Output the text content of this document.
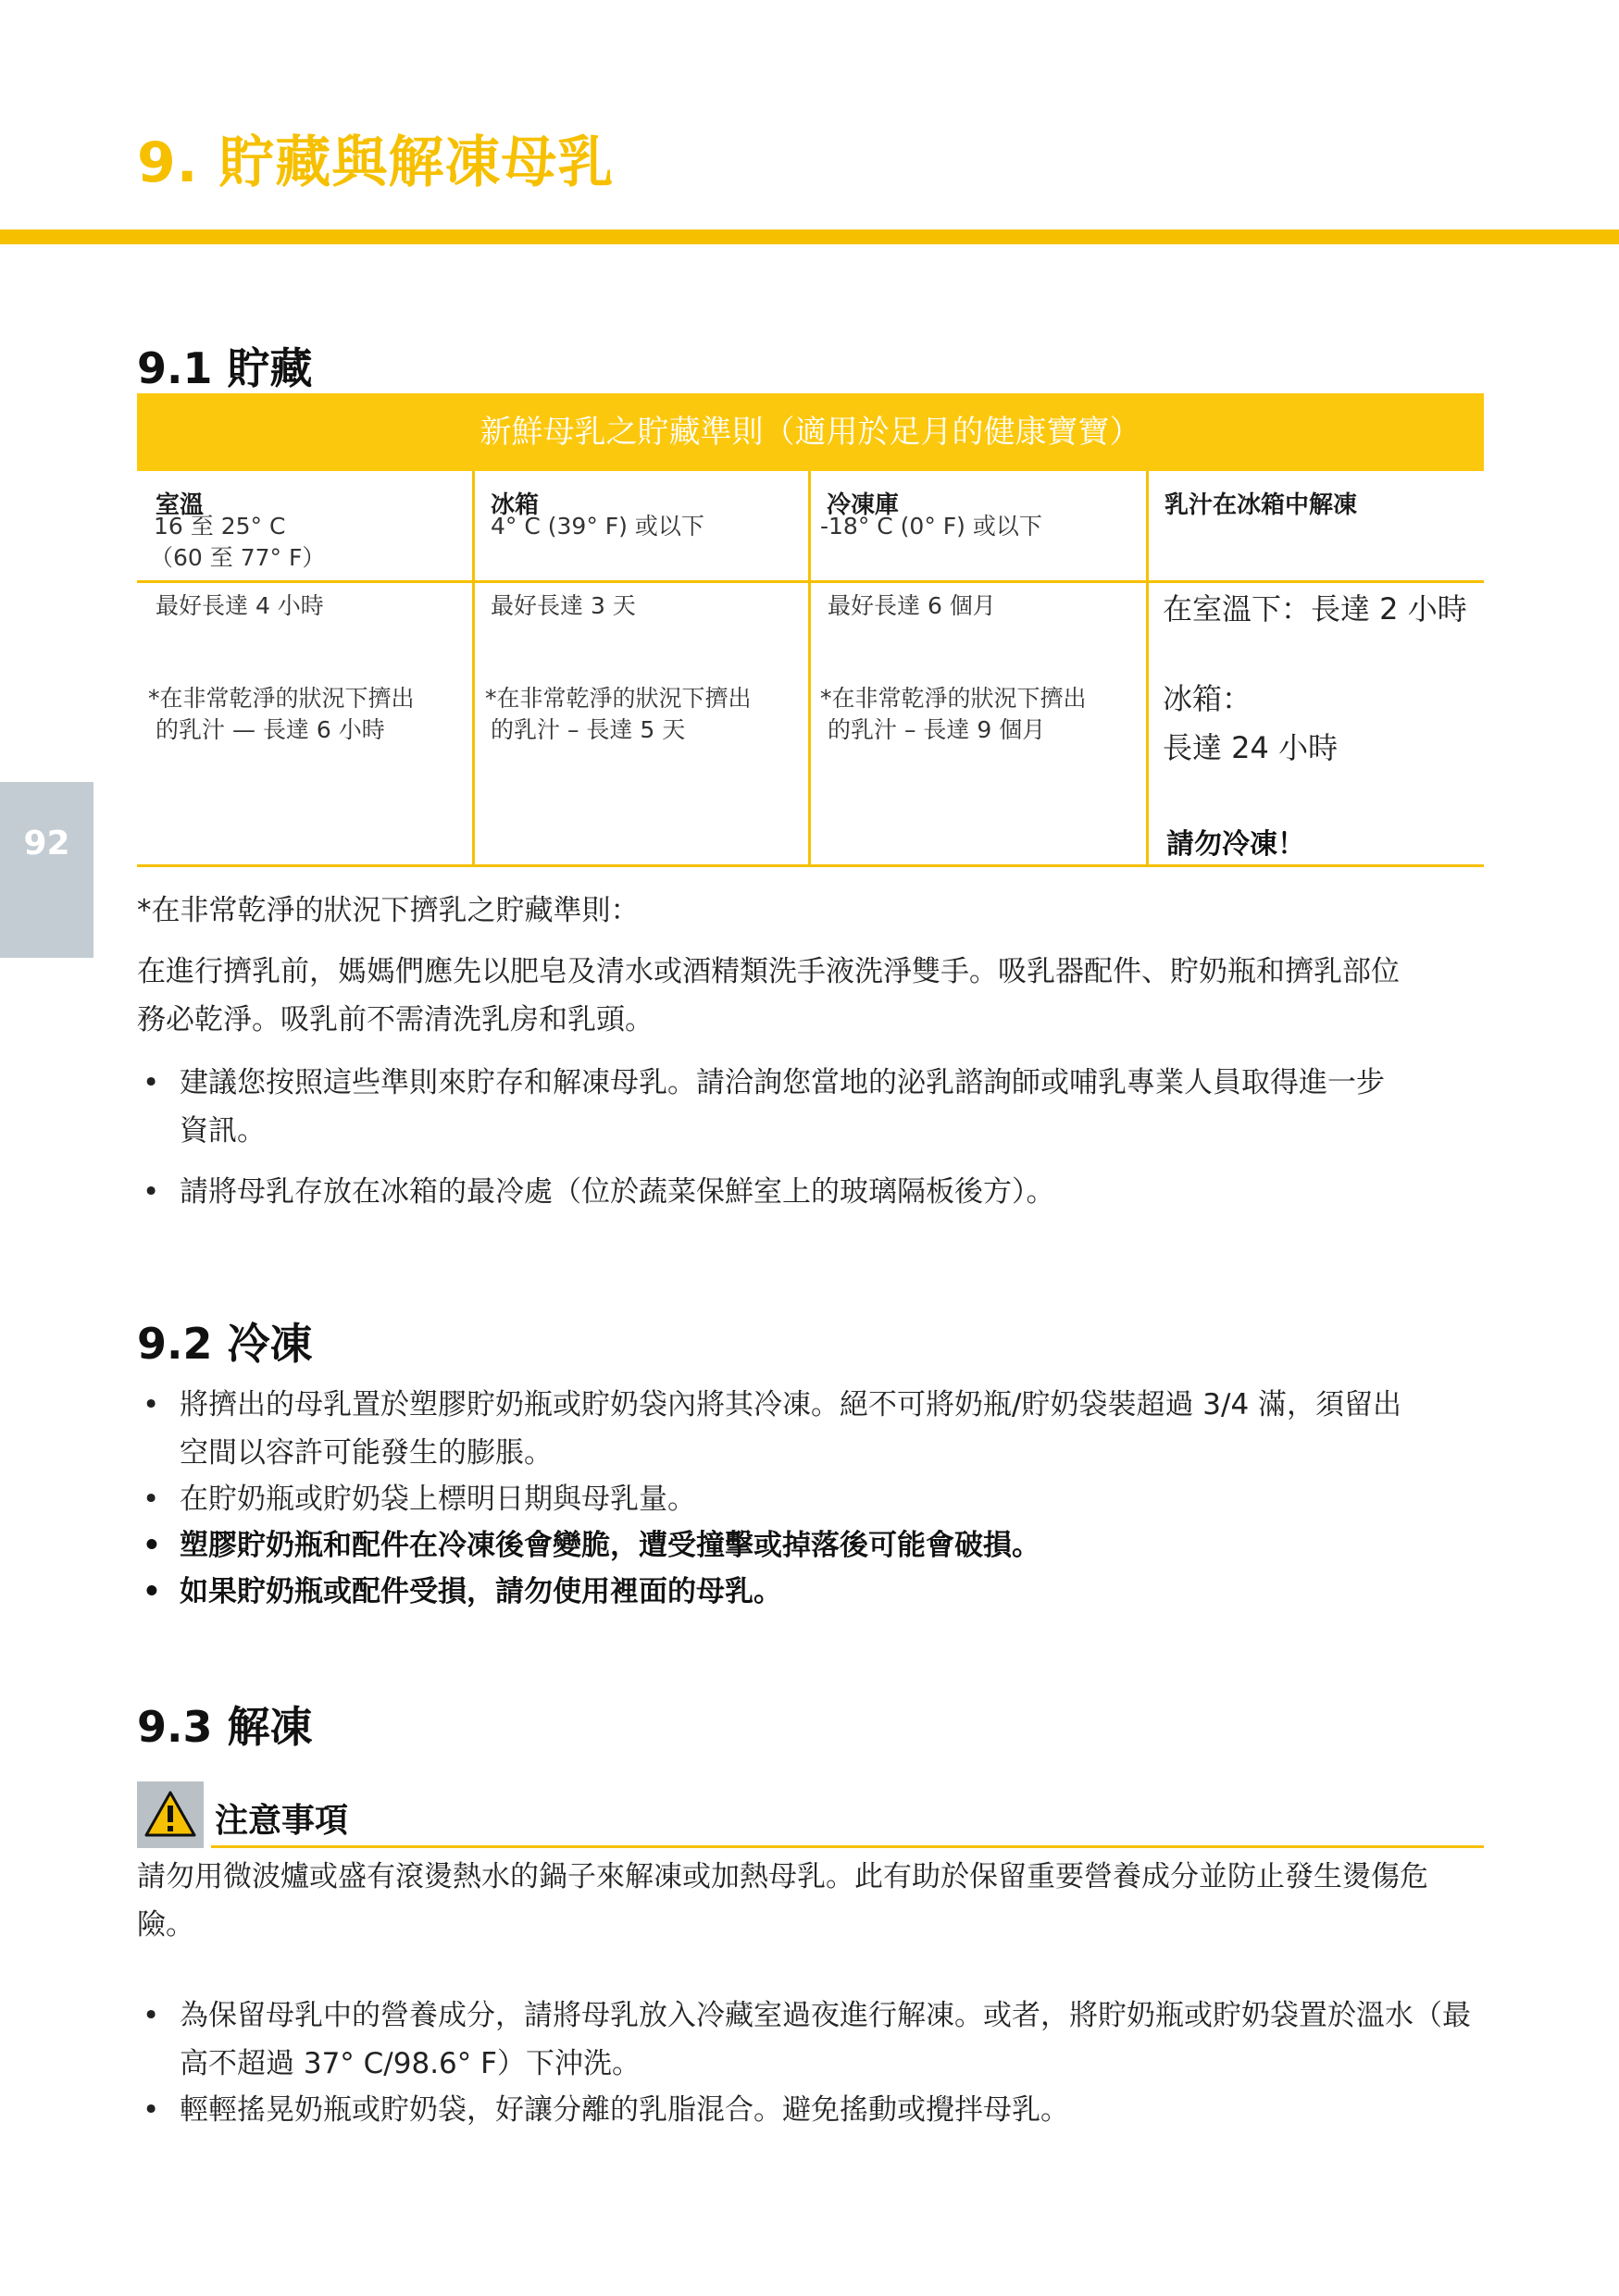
9. 貯藏與解凍母乳
92
9.1 貯藏
新鮮母乳之貯藏準則（適用於足月的健康寶寶）
室溫
16 至 25° C
（60 至 77° F）
最好長達 4 小時
*在非常乾淨的狀況下擠出
的乳汁 — 長達 6 小時
冰箱
4° C (39° F) 或以下
最好長達 3 天
*在非常乾淨的狀況下擠出
的乳汁 – 長達 5 天
冷凍庫
-18° C (0° F) 或以下
最好長達 6 個月
*在非常乾淨的狀況下擠出
的乳汁 – 長達 9 個月
乳汁在冰箱中解凍
在室溫下：長達 2 小時
冰箱：
長達 24 小時
請勿冷凍！
*在非常乾淨的狀況下擠乳之貯藏準則：
在進行擠乳前，媽媽們應先以肥皂及清水或酒精類洗手液洗淨雙手。吸乳器配件、貯奶瓶和擠乳部位
務必乾淨。吸乳前不需清洗乳房和乳頭。
• 建議您按照這些準則來貯存和解凍母乳。請洽詢您當地的泌乳諮詢師或哺乳專業人員取得進一步
資訊。
• 請將母乳存放在冰箱的最冷處（位於蔬菜保鮮室上的玻璃隔板後方）。
9.2 冷凍
• 將擠出的母乳置於塑膠貯奶瓶或貯奶袋內將其冷凍。絕不可將奶瓶/貯奶袋裝超過 3/4 滿，須留出
空間以容許可能發生的膨脹。
• 在貯奶瓶或貯奶袋上標明日期與母乳量。
• 塑膠貯奶瓶和配件在冷凍後會變脆，遭受撞擊或掉落後可能會破損。
• 如果貯奶瓶或配件受損，請勿使用裡面的母乳。
9.3 解凍
注意事項
請勿用微波爐或盛有滾燙熱水的鍋子來解凍或加熱母乳。此有助於保留重要營養成分並防止發生燙傷危
險。
• 為保留母乳中的營養成分，請將母乳放入冷藏室過夜進行解凍。或者，將貯奶瓶或貯奶袋置於溫水（最
高不超過 37° C/98.6° F）下沖洗。
• 輕輕搖晃奶瓶或貯奶袋，好讓分離的乳脂混合。避免搖動或攪拌母乳。
